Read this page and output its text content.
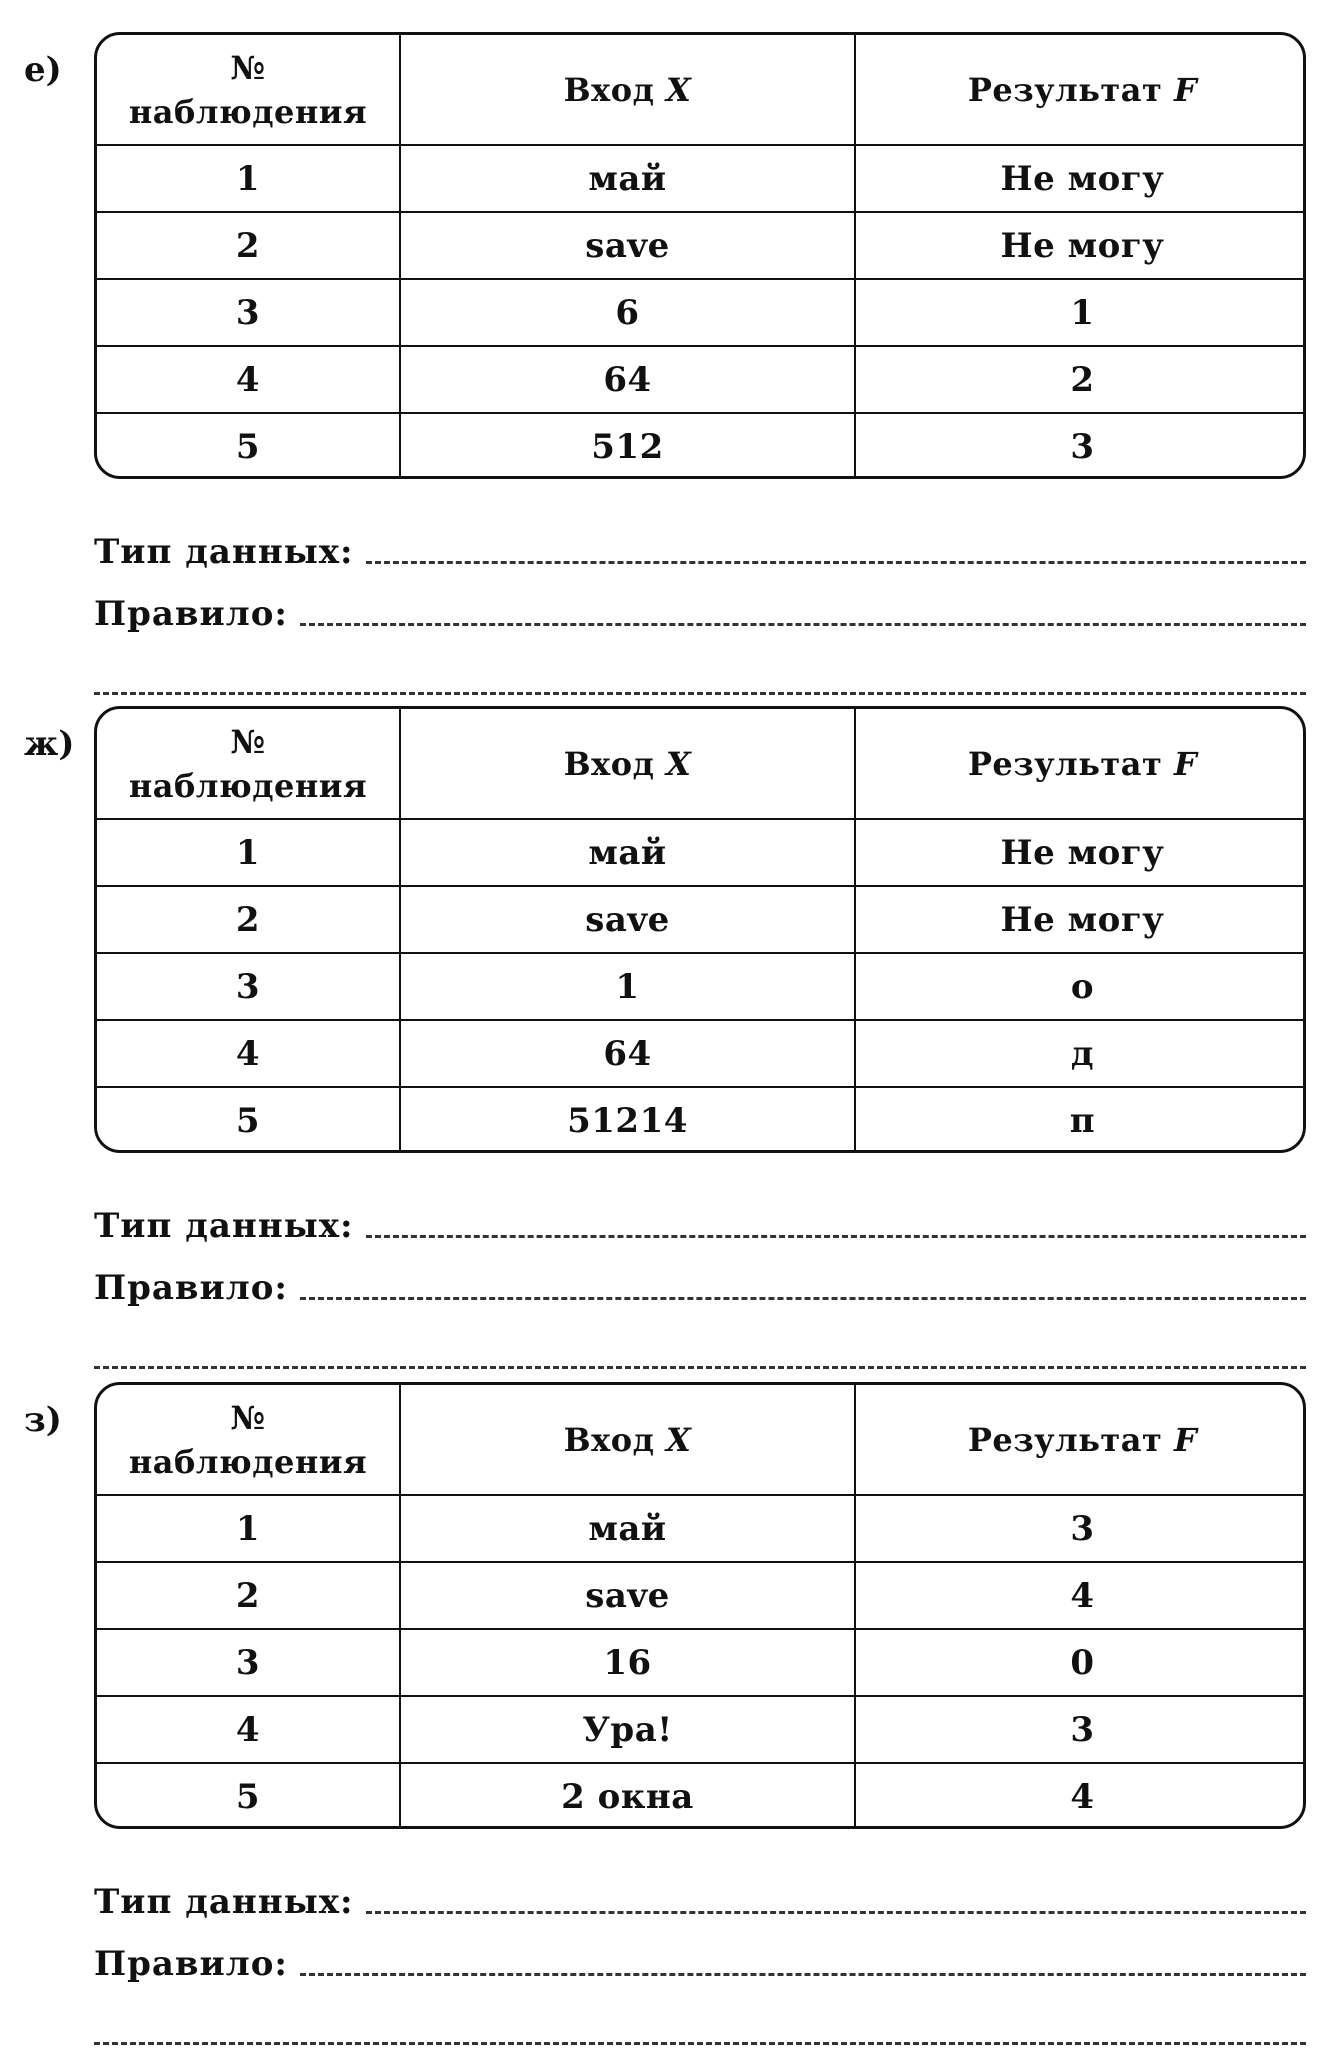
е)	№
наблюдения	Вход X	Результат F
1	май	Не могу
2	save	Не могу
3	6	1
4	64	2
5	512	3
Тип данных:
Правило:
ж)	№
наблюдения	Вход X	Результат F
1	май	Не могу
2	save	Не могу
3	1	о
4	64	д
5	51214	п
Тип данных:
Правило:
з)	№
наблюдения	Вход X	Результат F
1	май	3
2	save	4
3	16	0
4	Ура!	3
5	2 окна	4
Тип данных:
Правило:
